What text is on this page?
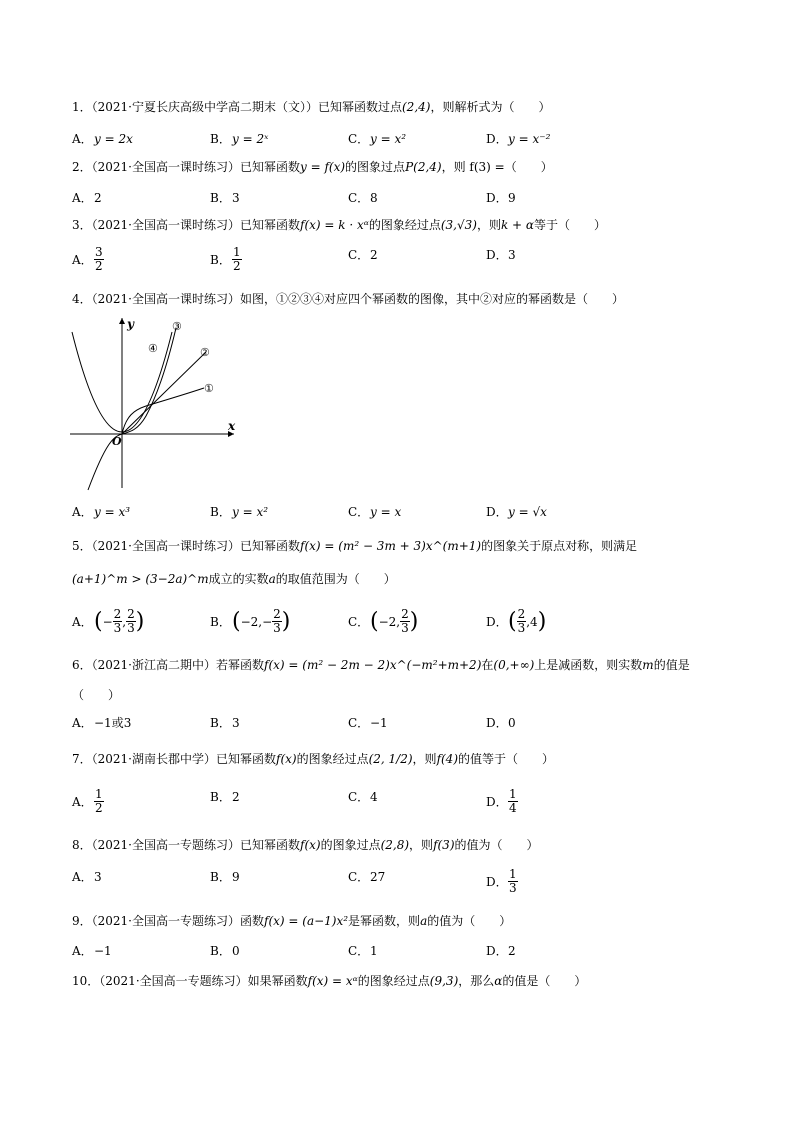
1．（2021·宁夏长庆高级中学高二期末（文））已知幂函数过点(2,4)，则解析式为（　　）
A． y = 2x	B． y = 2ˣ	C． y = x²	D． y = x⁻²
2．（2021·全国高一课时练习）已知幂函数y = f(x)的图象过点P(2,4)，则 f(3) =（　　）
A． 2	B． 3	C． 8	D． 9
3．（2021·全国高一课时练习）已知幂函数f(x) = k · xᵅ的图象经过点(3,√3)，则k + α等于（　　）
A． $\frac{3}{2}$	B． $\frac{1}{2}$	C． 2	D． 3
4．（2021·全国高一课时练习）如图，①②③④对应四个幂函数的图像，其中②对应的幂函数是（　　）
x
y
O
①
②
③
④
A． y = x³	B． y = x²	C． y = x	D． y = √x
5．（2021·全国高一课时练习）已知幂函数f(x) = (m² − 3m + 3)x^(m+1)的图象关于原点对称，则满足
(a+1)^m > (3−2a)^m成立的实数a的取值范围为（　　）
A． ( − $\frac{2}{3}$ , $\frac{2}{3}$ )	B． ( $-2,- \frac{2}{3}$ )	C． ( −2, $\frac{2}{3}$ )	D． ( $\frac{2}{3} ,4$ )
6．（2021·浙江高二期中）若幂函数f(x) = (m² − 2m − 2)x^(−m²+m+2)在(0,+∞)上是减函数，则实数m的值是
（　　）
A． −1或3	B． 3	C． −1	D． 0
7．（2021·湖南长郡中学）已知幂函数f(x)的图象经过点(2, 1/2)，则f(4)的值等于（　　）
A． $\frac{1}{2}$	B． 2	C． 4	D． $\frac{1}{4}$
8．（2021·全国高一专题练习）已知幂函数f(x)的图象过点(2,8)，则f(3)的值为（　　）
A． 3	B． 9	C． 27	D． $\frac{1}{3}$
9．（2021·全国高一专题练习）函数f(x) = (a−1)x²是幂函数，则a的值为（　　）
A． −1	B． 0	C． 1	D． 2
10．（2021·全国高一专题练习）如果幂函数f(x) = xᵅ的图象经过点(9,3)，那么α的值是（　　）
